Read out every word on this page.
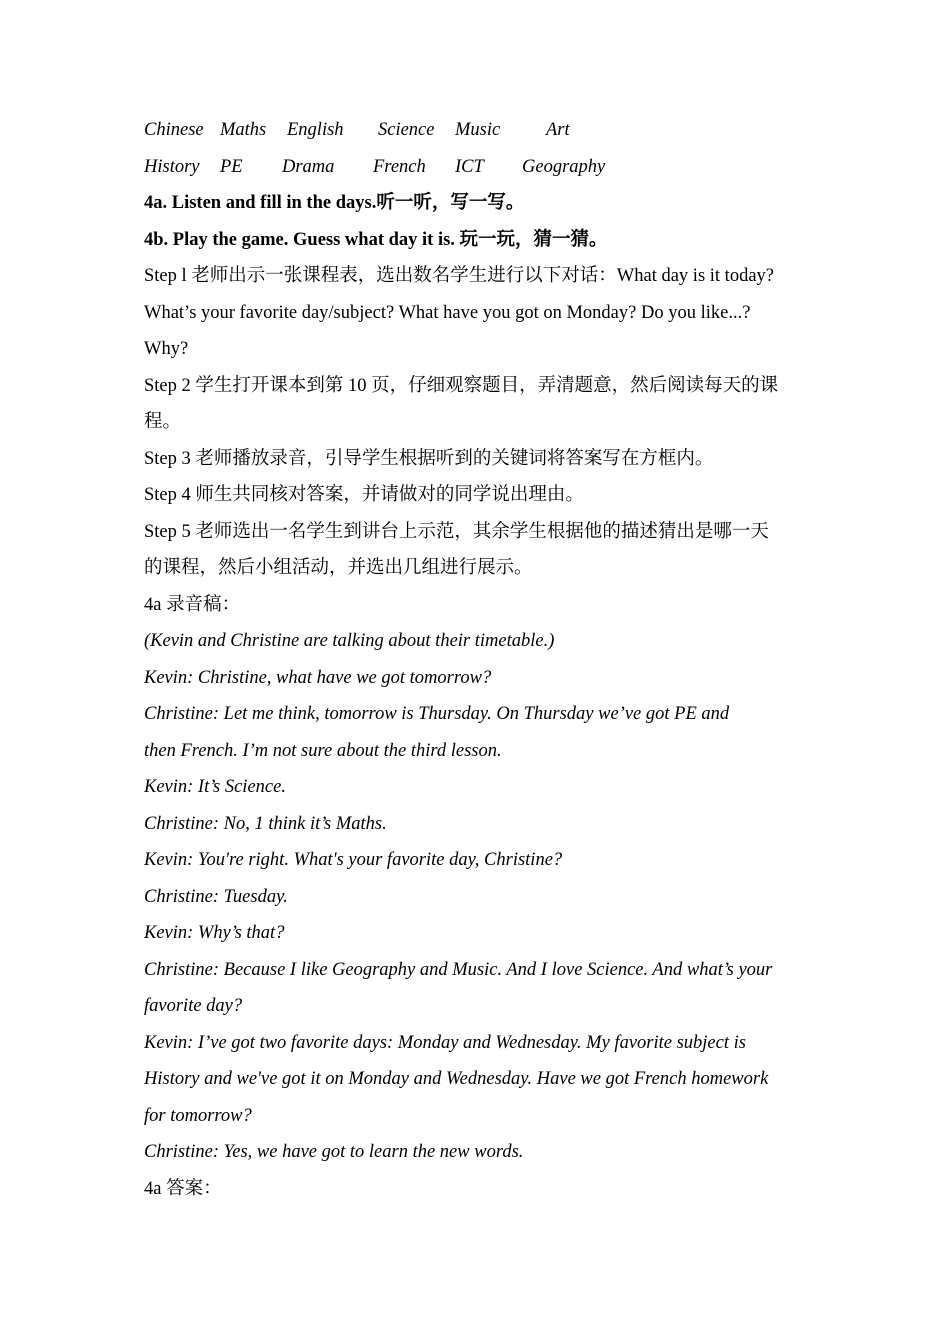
Chinese Maths English Science Music Art
History PE Drama French ICT Geography

4a. Listen and fill in the days.听一听，写一写。

4b. Play the game. Guess what day it is. 玩一玩，猜一猜。

Step l 老师出示一张课程表，选出数名学生进行以下对话：What day is it today?

What’s your favorite day/subject? What have you got on Monday? Do you like...?

Why?

Step 2 学生打开课本到第 10 页，仔细观察题目，弄清题意，然后阅读每天的课

程。

Step 3 老师播放录音，引导学生根据听到的关键词将答案写在方框内。

Step 4 师生共同核对答案，并请做对的同学说出理由。

Step 5 老师选出一名学生到讲台上示范，其余学生根据他的描述猜出是哪一天

的课程，然后小组活动，并选出几组进行展示。

4a 录音稿：

(Kevin and Christine are talking about their timetable.)

Kevin: Christine, what have we got tomorrow?

Christine: Let me think, tomorrow is Thursday. On Thursday we’ve got PE and

then French. I’m not sure about the third lesson.

Kevin: It’s Science.

Christine: No, 1 think it’s Maths.

Kevin: You're right. What's your favorite day, Christine?

Christine: Tuesday.

Kevin: Why’s that?

Christine: Because I like Geography and Music. And I love Science. And what’s your

favorite day?

Kevin: I’ve got two favorite days: Monday and Wednesday. My favorite subject is

History and we've got it on Monday and Wednesday. Have we got French homework

for tomorrow?

Christine: Yes, we have got to learn the new words.

4a 答案：
